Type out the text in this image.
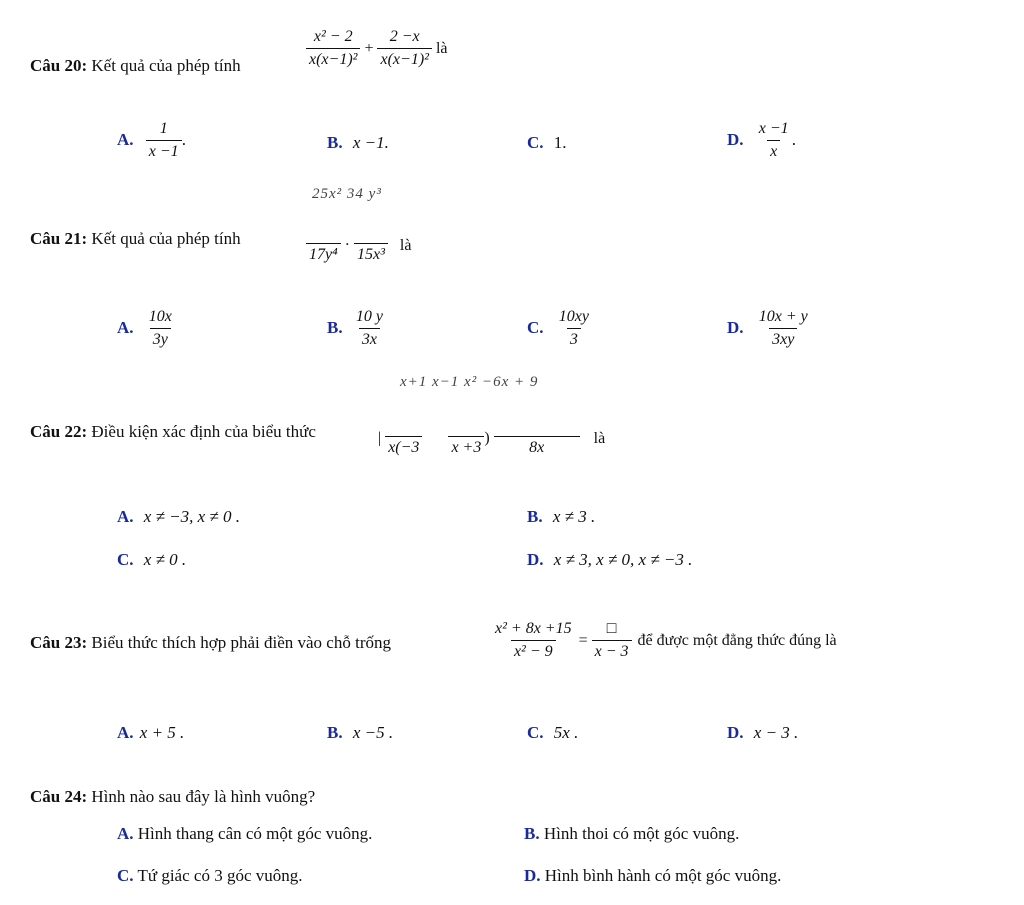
Câu 20: Kết quả của phép tính	$\frac{\text{x² − 2}}{\text{x(x−1)²}} + \frac{2 -x}{\text{x(x−1)²}}$ là
A. $\frac{1}{x -1}$ .	B. x −1.	C. 1.	D. $\frac{x -1}{x}$ .
25x² 34 y³
Câu 21: Kết quả của phép tính
17y⁴
·
15x³
là
A. $\frac{10x}{3y}$	B. $\frac{10 y}{3x}$	C. $\frac{10xy}{3}$	D. $\frac{10x + y}{3xy}$
x+1 x−1 x² −6x + 9
Câu 22: Điều kiện xác định của biểu thức	|
x(−3
x +3
)
8x
là
A. x ≠ −3, x ≠ 0 .	B. x ≠ 3 .
C. x ≠ 0 .	D. x ≠ 3, x ≠ 0, x ≠ −3 .
Câu 23: Biểu thức thích hợp phải điền vào chỗ trống	$\frac{\text{x² + 8x +15}}{\text{x² − 9}} = \frac{□}{x - 3}$ để được một đẳng thức đúng là
A. x + 5 .	B. x −5 .	C. 5x .	D. x − 3 .
Câu 24: Hình nào sau đây là hình vuông?
A. Hình thang cân có một góc vuông.	B. Hình thoi có một góc vuông.
C. Tứ giác có 3 góc vuông.	D. Hình bình hành có một góc vuông.
